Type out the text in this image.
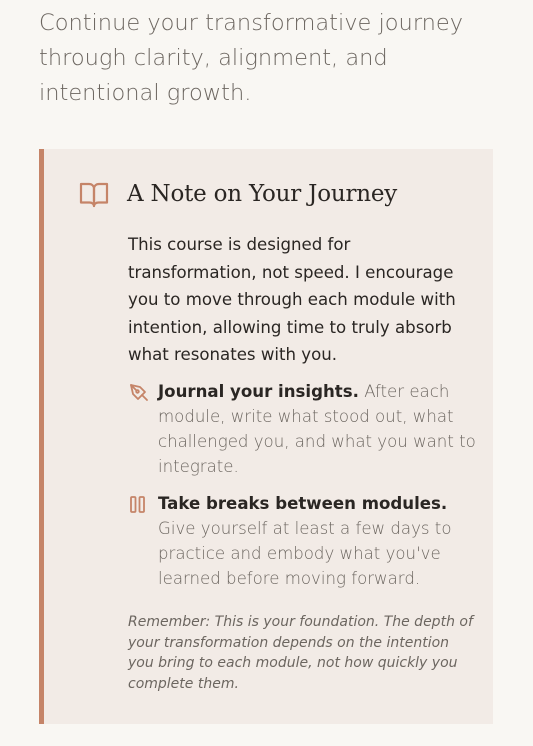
Continue your transformative journey through clarity, alignment, and intentional growth.
A Note on Your Journey
This course is designed for transformation, not speed. I encourage you to move through each module with intention, allowing time to truly absorb what resonates with you.
Journal your insights. After each module, write what stood out, what challenged you, and what you want to integrate.
Take breaks between modules. Give yourself at least a few days to practice and embody what you've learned before moving forward.
Remember: This is your foundation. The depth of your transformation depends on the intention you bring to each module, not how quickly you complete them.
